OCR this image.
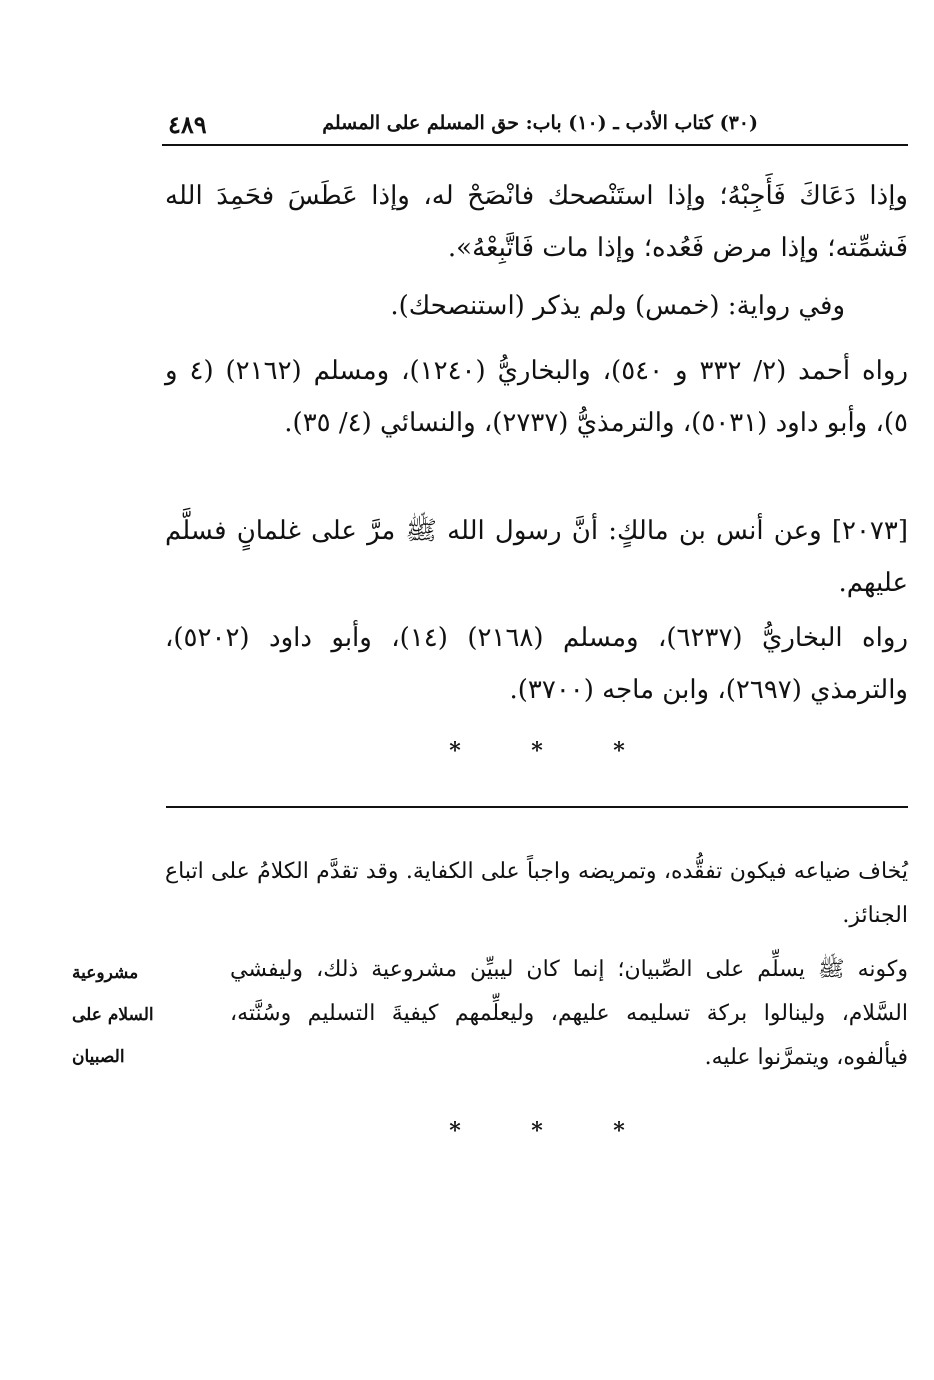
٤٨٩	(٣٠) كتاب الأدب ـ (١٠) باب: حق المسلم على المسلم
وإذا دَعَاكَ فَأَجِبْهُ؛ وإذا استَنْصحك فانْصَحْ له، وإذا عَطَسَ فحَمِدَ الله فَشمِّته؛ وإذا مرض فَعُده؛ وإذا مات فَاتَّبِعْهُ».
وفي رواية: (خمس) ولم يذكر (استنصحك).
رواه أحمد (٢/ ٣٣٢ و ٥٤٠)، والبخاريُّ (١٢٤٠)، ومسلم (٢١٦٢) (٤ و ٥)، وأبو داود (٥٠٣١)، والترمذيُّ (٢٧٣٧)، والنسائي (٤/ ٣٥).
[٢٠٧٣] وعن أنس بن مالكٍ: أنَّ رسول الله ﷺ مرَّ على غلمانٍ فسلَّم عليهم.
رواه البخاريُّ (٦٢٣٧)، ومسلم (٢١٦٨) (١٤)، وأبو داود (٥٢٠٢)، والترمذي (٢٦٩٧)، وابن ماجه (٣٧٠٠).
*
*
*
يُخاف ضياعه فيكون تفقُّده، وتمريضه واجباً على الكفاية. وقد تقدَّم الكلامُ على اتباع الجنائز.
وكونه ﷺ يسلِّم على الصِّبيان؛ إنما كان ليبيِّن مشروعية ذلك، وليفشي السَّلام، ولينالوا بركة تسليمه عليهم، وليعلِّمهم كيفيةَ التسليم وسُنَّته، فيألفوه، ويتمرَّنوا عليه.
مشروعية
السلام على
الصبيان
*
*
*
